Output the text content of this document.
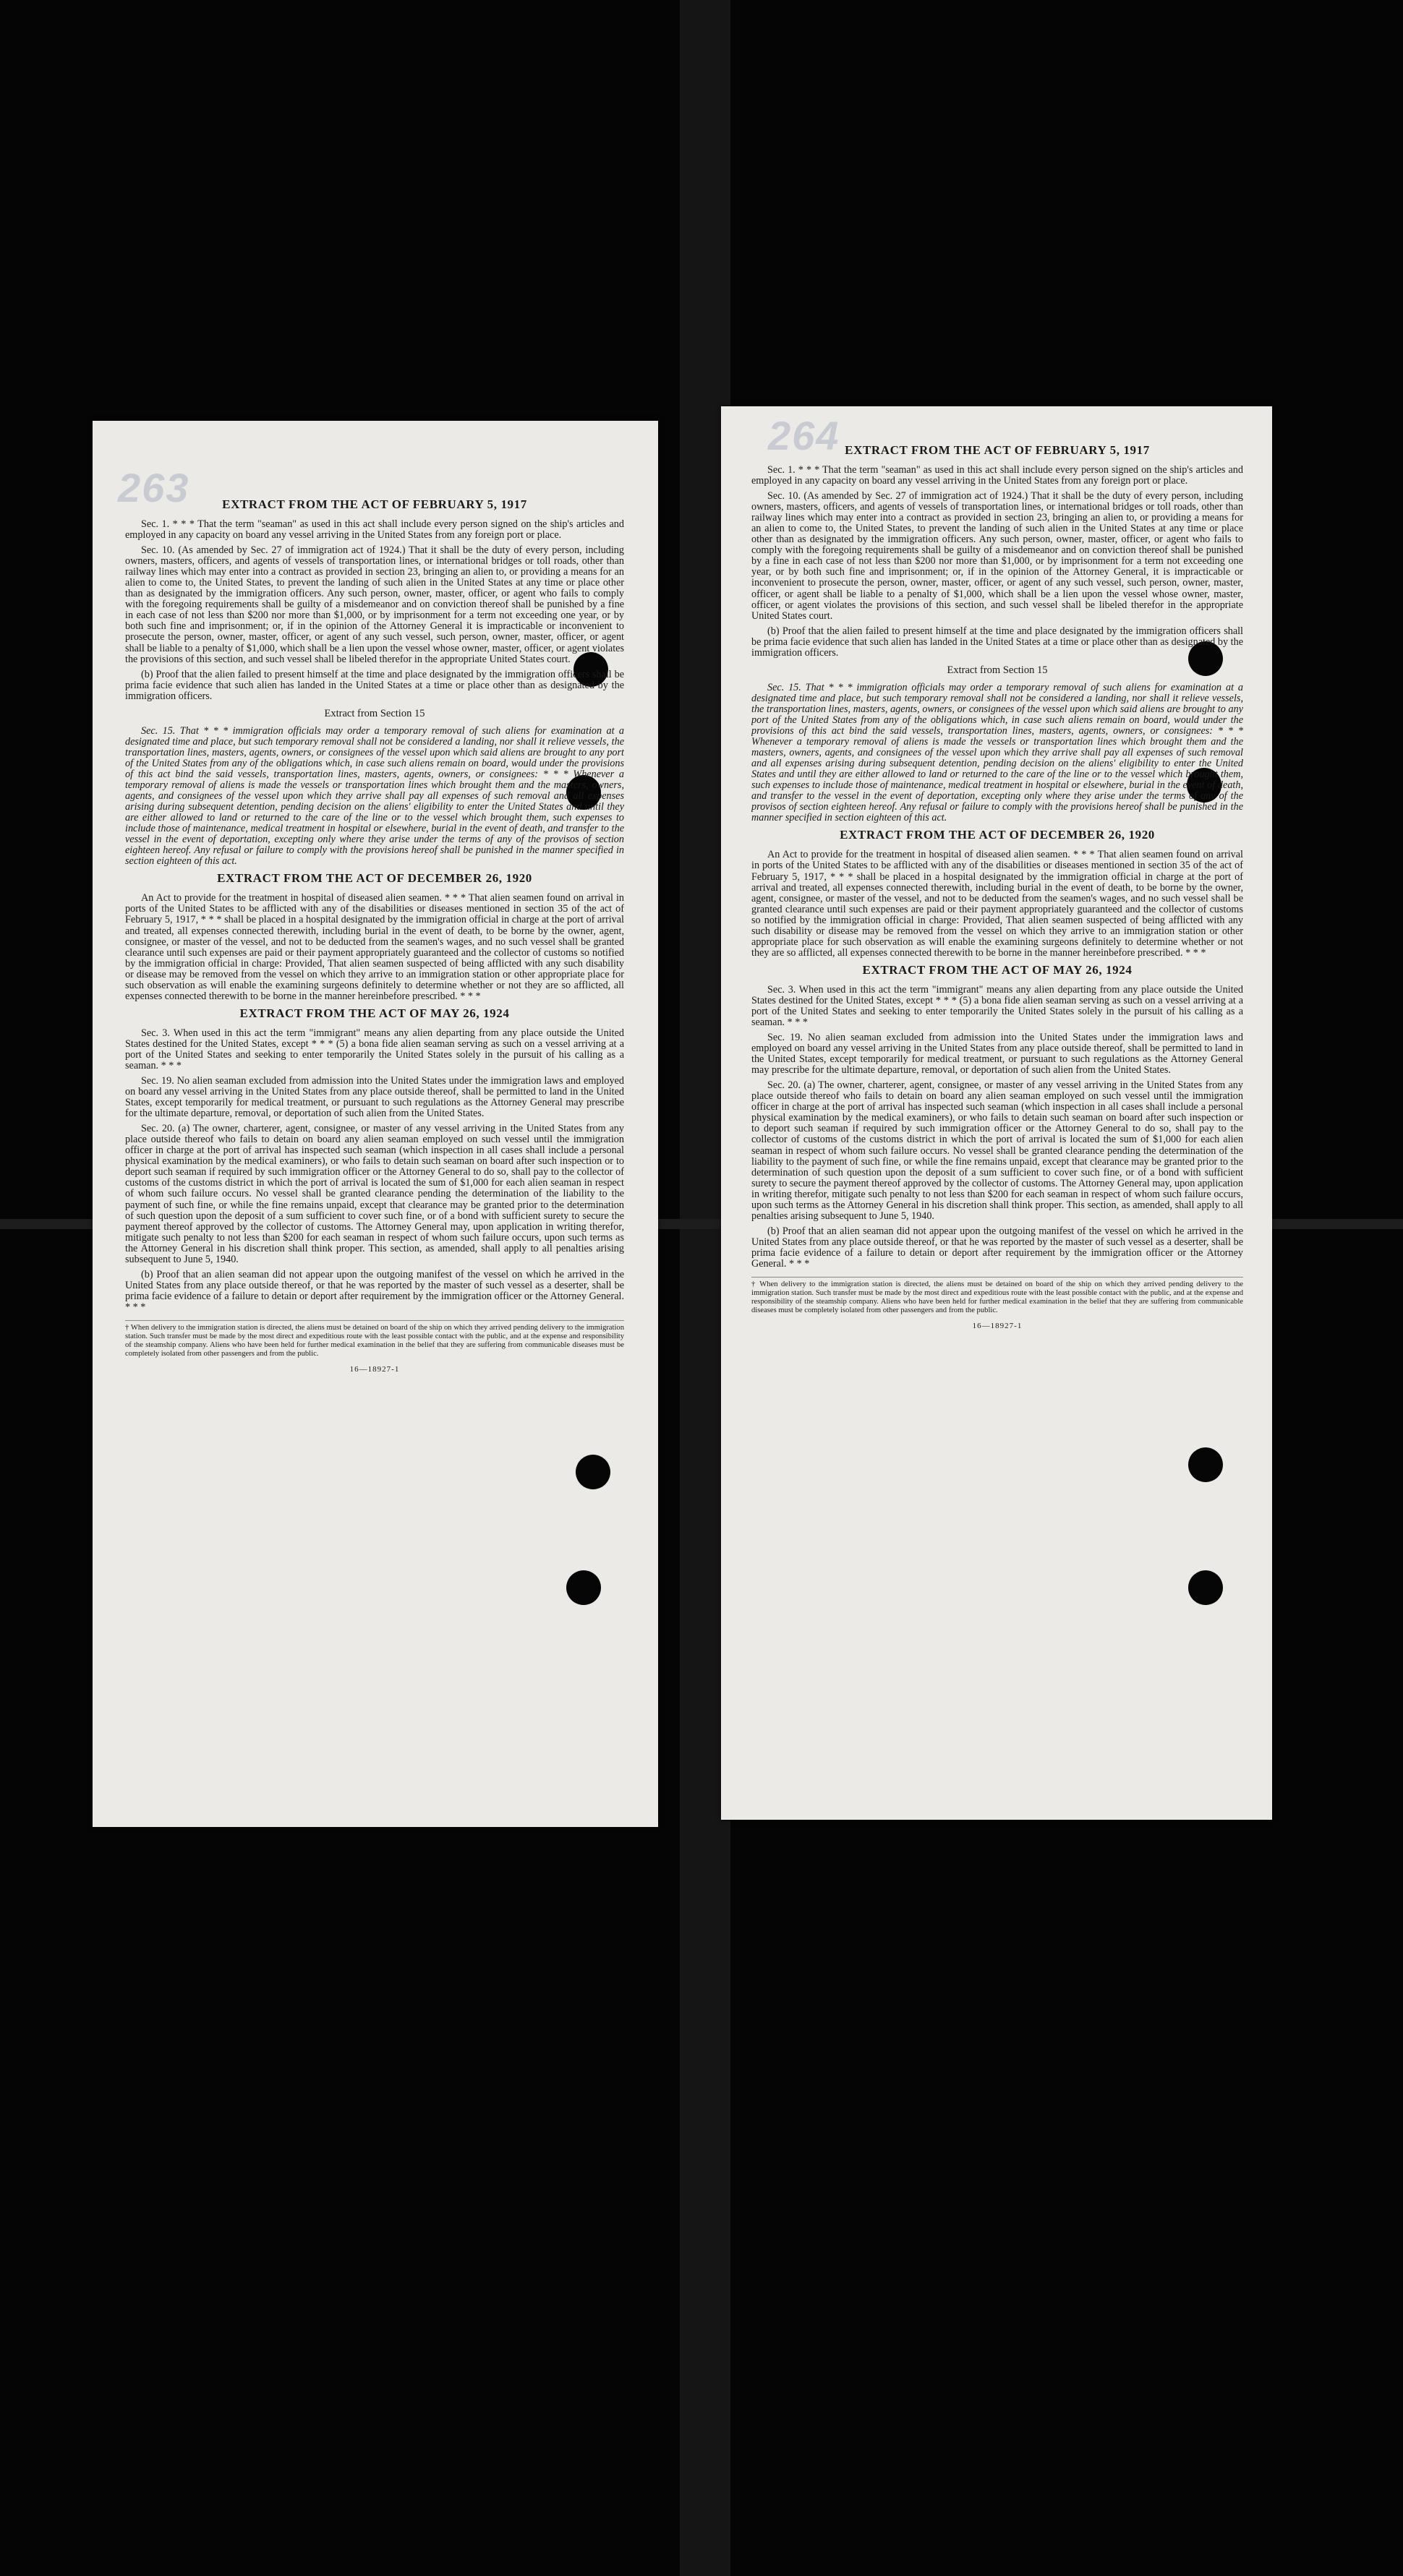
263	EXTRACT FROM THE ACT OF FEBRUARY 5, 1917

Sec. 1. * * * That the term "seaman" as used in this act shall include every person signed on the ship's articles and employed in any capacity on board any vessel arriving in the United States from any foreign port or place.

Sec. 10. (As amended by Sec. 27 of immigration act of 1924.) That it shall be the duty of every person, including owners, masters, officers, and agents of vessels of transportation lines, or international bridges or toll roads, other than railway lines which may enter into a contract as provided in section 23, bringing an alien to, or providing a means for an alien to come to, the United States, to prevent the landing of such alien in the United States at any time or place other than as designated by the immigration officers. Any such person, owner, master, officer, or agent who fails to comply with the foregoing requirements shall be guilty of a misdemeanor and on conviction thereof shall be punished by a fine in each case of not less than $200 nor more than $1,000, or by imprisonment for a term not exceeding one year, or by both such fine and imprisonment; or, if in the opinion of the Attorney General it is impracticable or inconvenient to prosecute the person, owner, master, officer, or agent of any such vessel, such person, owner, master, officer, or agent shall be liable to a penalty of $1,000, which shall be a lien upon the vessel whose owner, master, officer, or agent violates the provisions of this section, and such vessel shall be libeled therefor in the appropriate United States court.

(b) Proof that the alien failed to present himself at the time and place designated by the immigration officers shall be prima facie evidence that such alien has landed in the United States at a time or place other than as designated by the immigration officers.

Extract from Section 15

Sec. 15. That * * * immigration officials may order a temporary removal of such aliens for examination at a designated time and place, but such temporary removal shall not be considered a landing, nor shall it relieve vessels, the transportation lines, masters, agents, owners, or consignees of the vessel upon which said aliens are brought to any port of the United States from any of the obligations which, in case such aliens remain on board, would under the provisions of this act bind the said vessels, transportation lines, masters, agents, owners, or consignees: * * * Whenever a temporary removal of aliens is made the vessels or transportation lines which brought them and the masters, owners, agents, and consignees of the vessel upon which they arrive shall pay all expenses of such removal and all expenses arising during subsequent detention, pending decision on the aliens' eligibility to enter the United States and until they are either allowed to land or returned to the care of the line or to the vessel which brought them, such expenses to include those of maintenance, medical treatment in hospital or elsewhere, burial in the event of death, and transfer to the vessel in the event of deportation, excepting only where they arise under the terms of any of the provisos of section eighteen hereof. Any refusal or failure to comply with the provisions hereof shall be punished in the manner specified in section eighteen of this act.

EXTRACT FROM THE ACT OF DECEMBER 26, 1920

An Act to provide for the treatment in hospital of diseased alien seamen. * * * That alien seamen found on arrival in ports of the United States to be afflicted with any of the disabilities or diseases mentioned in section 35 of the act of February 5, 1917, * * * shall be placed in a hospital designated by the immigration official in charge at the port of arrival and treated, all expenses connected therewith, including burial in the event of death, to be borne by the owner, agent, consignee, or master of the vessel, and not to be deducted from the seamen's wages, and no such vessel shall be granted clearance until such expenses are paid or their payment appropriately guaranteed and the collector of customs so notified by the immigration official in charge: Provided, That alien seamen suspected of being afflicted with any such disability or disease may be removed from the vessel on which they arrive to an immigration station or other appropriate place for such observation as will enable the examining surgeons definitely to determine whether or not they are so afflicted, all expenses connected therewith to be borne in the manner hereinbefore prescribed. * * *

EXTRACT FROM THE ACT OF MAY 26, 1924

Sec. 3. When used in this act the term "immigrant" means any alien departing from any place outside the United States destined for the United States, except * * * (5) a bona fide alien seaman serving as such on a vessel arriving at a port of the United States and seeking to enter temporarily the United States solely in the pursuit of his calling as a seaman. * * *

Sec. 19. No alien seaman excluded from admission into the United States under the immigration laws and employed on board any vessel arriving in the United States from any place outside thereof, shall be permitted to land in the United States, except temporarily for medical treatment, or pursuant to such regulations as the Attorney General may prescribe for the ultimate departure, removal, or deportation of such alien from the United States.

Sec. 20. (a) The owner, charterer, agent, consignee, or master of any vessel arriving in the United States from any place outside thereof who fails to detain on board any alien seaman employed on such vessel until the immigration officer in charge at the port of arrival has inspected such seaman (which inspection in all cases shall include a personal physical examination by the medical examiners), or who fails to detain such seaman on board after such inspection or to deport such seaman if required by such immigration officer or the Attorney General to do so, shall pay to the collector of customs of the customs district in which the port of arrival is located the sum of $1,000 for each alien seaman in respect of whom such failure occurs. No vessel shall be granted clearance pending the determination of the liability to the payment of such fine, or while the fine remains unpaid, except that clearance may be granted prior to the determination of such question upon the deposit of a sum sufficient to cover such fine, or of a bond with sufficient surety to secure the payment thereof approved by the collector of customs. The Attorney General may, upon application in writing therefor, mitigate such penalty to not less than $200 for each seaman in respect of whom such failure occurs, upon such terms as the Attorney General in his discretion shall think proper. This section, as amended, shall apply to all penalties arising subsequent to June 5, 1940.

(b) Proof that an alien seaman did not appear upon the outgoing manifest of the vessel on which he arrived in the United States from any place outside thereof, or that he was reported by the master of such vessel as a deserter, shall be prima facie evidence of a failure to detain or deport after requirement by the immigration officer or the Attorney General. * * *

† When delivery to the immigration station is directed, the aliens must be detained on board of the ship on which they arrived pending delivery to the immigration station. Such transfer must be made by the most direct and expeditious route with the least possible contact with the public, and at the expense and responsibility of the steamship company. Aliens who have been held for further medical examination in the belief that they are suffering from communicable diseases must be completely isolated from other passengers and from the public.
16—18927-1
264 EXTRACT FROM THE ACT OF FEBRUARY 5, 1917

Sec. 1. * * * That the term "seaman" as used in this act shall include every person signed on the ship's articles and employed in any capacity on board any vessel arriving in the United States from any foreign port or place.

Sec. 10. (As amended by Sec. 27 of immigration act of 1924.) That it shall be the duty of every person, including owners, masters, officers, and agents of vessels of transportation lines, or international bridges or toll roads, other than railway lines which may enter into a contract as provided in section 23, bringing an alien to, or providing a means for an alien to come to, the United States, to prevent the landing of such alien in the United States at any time or place other than as designated by the immigration officers. Any such person, owner, master, officer, or agent who fails to comply with the foregoing requirements shall be guilty of a misdemeanor and on conviction thereof shall be punished by a fine in each case of not less than $200 nor more than $1,000, or by imprisonment for a term not exceeding one year, or by both such fine and imprisonment; or, if in the opinion of the Attorney General, it is impracticable or inconvenient to prosecute the person, owner, master, officer, or agent of any such vessel, such person, owner, master, officer, or agent shall be liable to a penalty of $1,000, which shall be a lien upon the vessel whose owner, master, officer, or agent violates the provisions of this section, and such vessel shall be libeled therefor in the appropriate United States court.

(b) Proof that the alien failed to present himself at the time and place designated by the immigration officers shall be prima facie evidence that such alien has landed in the United States at a time or place other than as designated by the immigration officers.

Extract from Section 15

Sec. 15. That * * * immigration officials may order a temporary removal of such aliens for examination at a designated time and place, but such temporary removal shall not be considered a landing, nor shall it relieve vessels, the transportation lines, masters, agents, owners, or consignees of the vessel upon which said aliens are brought to any port of the United States from any of the obligations which, in case such aliens remain on board, would under the provisions of this act bind the said vessels, transportation lines, masters, agents, owners, or consignees: * * * Whenever a temporary removal of aliens is made the vessels or transportation lines which brought them and the masters, owners, agents, and consignees of the vessel upon which they arrive shall pay all expenses of such removal and all expenses arising during subsequent detention, pending decision on the aliens' eligibility to enter the United States and until they are either allowed to land or returned to the care of the line or to the vessel which brought them, such expenses to include those of maintenance, medical treatment in hospital or elsewhere, burial in the event of death, and transfer to the vessel in the event of deportation, excepting only where they arise under the terms of any of the provisos of section eighteen hereof. Any refusal or failure to comply with the provisions hereof shall be punished in the manner specified in section eighteen of this act.

EXTRACT FROM THE ACT OF DECEMBER 26, 1920

An Act to provide for the treatment in hospital of diseased alien seamen. * * * That alien seamen found on arrival in ports of the United States to be afflicted with any of the disabilities or diseases mentioned in section 35 of the act of February 5, 1917, * * * shall be placed in a hospital designated by the immigration official in charge at the port of arrival and treated, all expenses connected therewith, including burial in the event of death, to be borne by the owner, agent, consignee, or master of the vessel, and not to be deducted from the seamen's wages, and no such vessel shall be granted clearance until such expenses are paid or their payment appropriately guaranteed and the collector of customs so notified by the immigration official in charge: Provided, That alien seamen suspected of being afflicted with any such disability or disease may be removed from the vessel on which they arrive to an immigration station or other appropriate place for such observation as will enable the examining surgeons definitely to determine whether or not they are so afflicted, all expenses connected therewith to be borne in the manner hereinbefore prescribed. * * *

EXTRACT FROM THE ACT OF MAY 26, 1924

Sec. 3. When used in this act the term "immigrant" means any alien departing from any place outside the United States destined for the United States, except * * * (5) a bona fide alien seaman serving as such on a vessel arriving at a port of the United States and seeking to enter temporarily the United States solely in the pursuit of his calling as a seaman. * * *

Sec. 19. No alien seaman excluded from admission into the United States under the immigration laws and employed on board any vessel arriving in the United States from any place outside thereof, shall be permitted to land in the United States, except temporarily for medical treatment, or pursuant to such regulations as the Attorney General may prescribe for the ultimate departure, removal, or deportation of such alien from the United States.

Sec. 20. (a) The owner, charterer, agent, consignee, or master of any vessel arriving in the United States from any place outside thereof who fails to detain on board any alien seaman employed on such vessel until the immigration officer in charge at the port of arrival has inspected such seaman (which inspection in all cases shall include a personal physical examination by the medical examiners), or who fails to detain such seaman on board after such inspection or to deport such seaman if required by such immigration officer or the Attorney General to do so, shall pay to the collector of customs of the customs district in which the port of arrival is located the sum of $1,000 for each alien seaman in respect of whom such failure occurs. No vessel shall be granted clearance pending the determination of the liability to the payment of such fine, or while the fine remains unpaid, except that clearance may be granted prior to the determination of such question upon the deposit of a sum sufficient to cover such fine, or of a bond with sufficient surety to secure the payment thereof approved by the collector of customs. The Attorney General may, upon application in writing therefor, mitigate such penalty to not less than $200 for each seaman in respect of whom such failure occurs, upon such terms as the Attorney General in his discretion shall think proper. This section, as amended, shall apply to all penalties arising subsequent to June 5, 1940.

(b) Proof that an alien seaman did not appear upon the outgoing manifest of the vessel on which he arrived in the United States from any place outside thereof, or that he was reported by the master of such vessel as a deserter, shall be prima facie evidence of a failure to detain or deport after requirement by the immigration officer or the Attorney General. * * *

† When delivery to the immigration station is directed, the aliens must be detained on board of the ship on which they arrived pending delivery to the immigration station. Such transfer must be made by the most direct and expeditious route with the least possible contact with the public, and at the expense and responsibility of the steamship company. Aliens who have been held for further medical examination in the belief that they are suffering from communicable diseases must be completely isolated from other passengers and from the public.
16—18927-1
